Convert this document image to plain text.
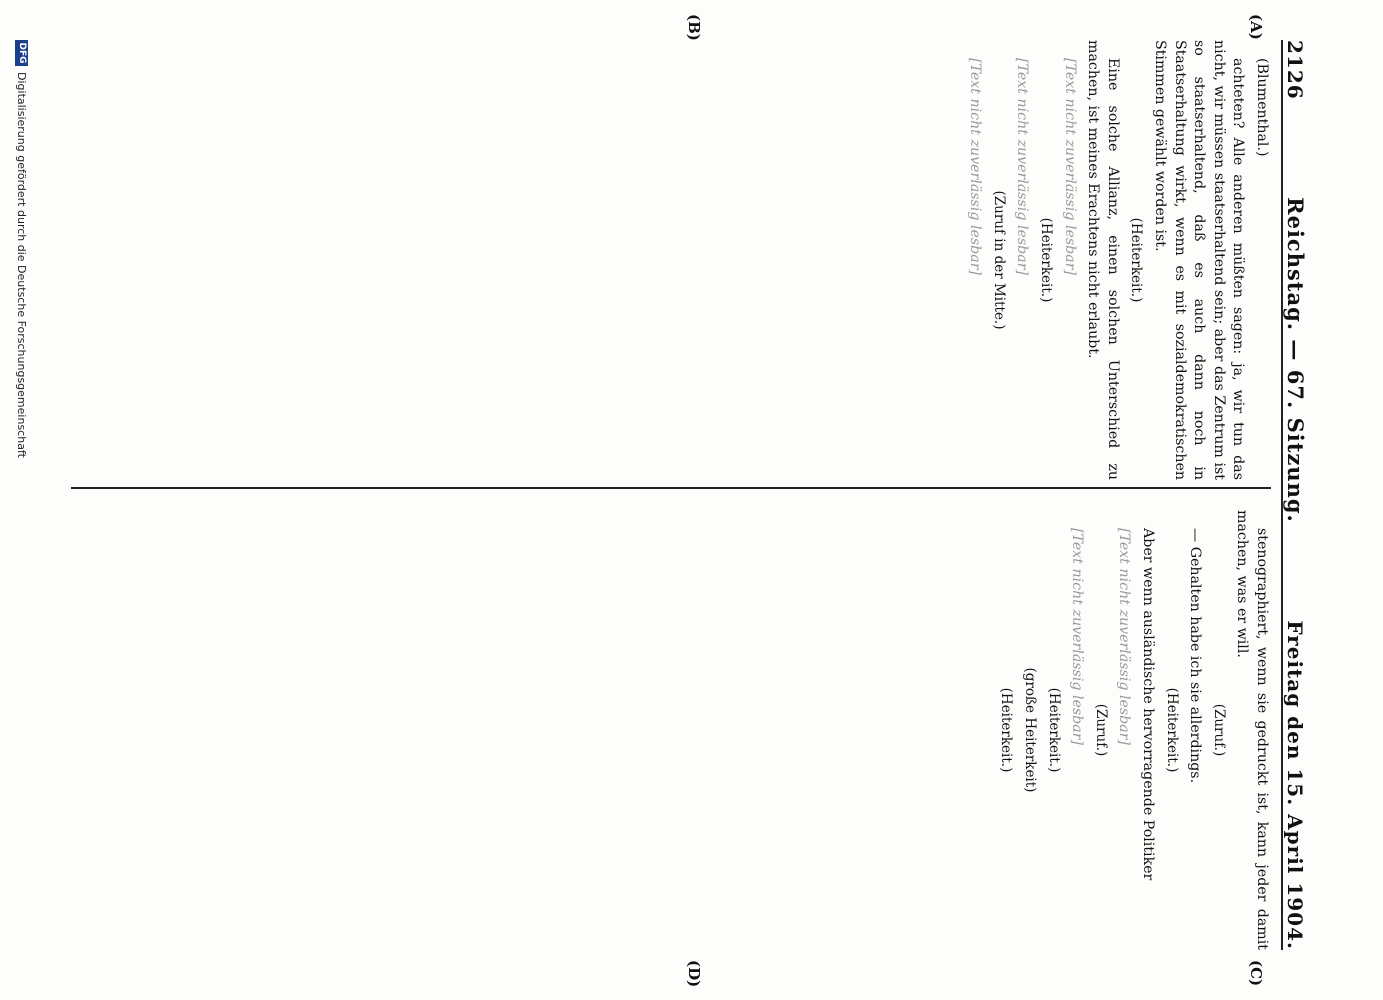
2126
Reichstag. — 67. Sitzung.
Freitag den 15. April 1904.
(A)
(B)
(C)
(D)

(Blumenthal.)

achteten? Alle anderen müßten sagen: ja, wir tun das nicht, wir müssen staatserhaltend sein; aber das Zentrum ist so staatserhaltend, daß es auch dann noch in Staatserhaltung wirkt, wenn es mit sozialdemokratischen Stimmen gewählt worden ist.

(Heiterkeit.)

Eine solche Allianz, einen solchen Unterschied zu machen, ist meines Erachtens nicht erlaubt.

[Text nicht zuverlässig lesbar]

(Heiterkeit.)

[Text nicht zuverlässig lesbar]

(Zuruf in der Mitte.)

[Text nicht zuverlässig lesbar]

stenographiert, wenn sie gedruckt ist, kann jeder damit machen, was er will.

(Zuruf.)

— Gehalten habe ich sie allerdings.

(Heiterkeit.)

Aber wenn ausländische hervorragende Politiker

[Text nicht zuverlässig lesbar]

(Zuruf.)

[Text nicht zuverlässig lesbar]

(Heiterkeit.)

(große Heiterkeit)

(Heiterkeit.)

DFG
Digitalisierung gefördert durch die Deutsche Forschungsgemeinschaft
